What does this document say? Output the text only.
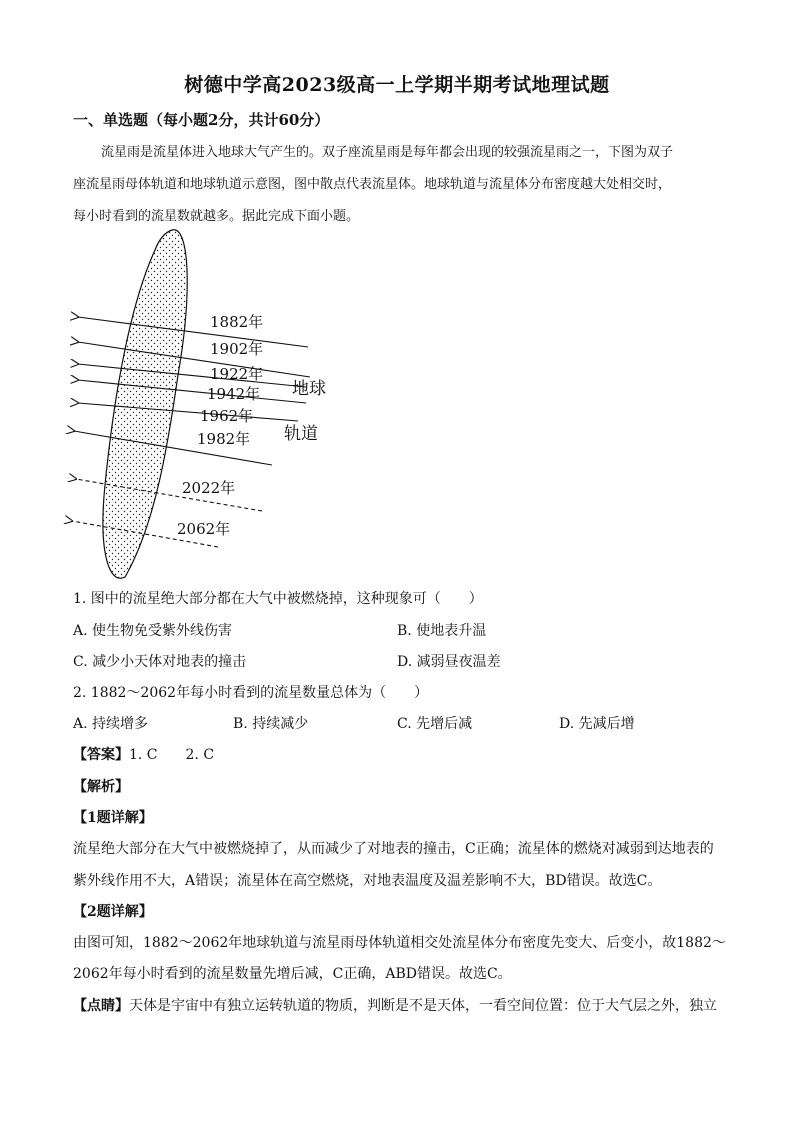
树德中学高2023级高一上学期半期考试地理试题
一、单选题（每小题2分，共计60分）
流星雨是流星体进入地球大气产生的。双子座流星雨是每年都会出现的较强流星雨之一，下图为双子
座流星雨母体轨道和地球轨道示意图，图中散点代表流星体。地球轨道与流星体分布密度越大处相交时，
每小时看到的流星数就越多。据此完成下面小题。
1882年
1902年
1922年
1942年
1962年
1982年
2022年
2062年
地球
轨道
1. 图中的流星绝大部分都在大气中被燃烧掉，这种现象可（　　）
A. 使生物免受紫外线伤害	B. 使地表升温
C. 减少小天体对地表的撞击	D. 减弱昼夜温差
2. 1882～2062年每小时看到的流星数量总体为（　　）
A. 持续增多	B. 持续减少	C. 先增后减	D. 先减后增
【答案】1. C　　2. C
【解析】
【1题详解】
流星绝大部分在大气中被燃烧掉了，从而减少了对地表的撞击，C正确；流星体的燃烧对减弱到达地表的
紫外线作用不大，A错误；流星体在高空燃烧，对地表温度及温差影响不大，BD错误。故选C。
【2题详解】
由图可知，1882～2062年地球轨道与流星雨母体轨道相交处流星体分布密度先变大、后变小，故1882～
2062年每小时看到的流星数量先增后减，C正确，ABD错误。故选C。
【点睛】天体是宇宙中有独立运转轨道的物质，判断是不是天体，一看空间位置：位于大气层之外，独立
